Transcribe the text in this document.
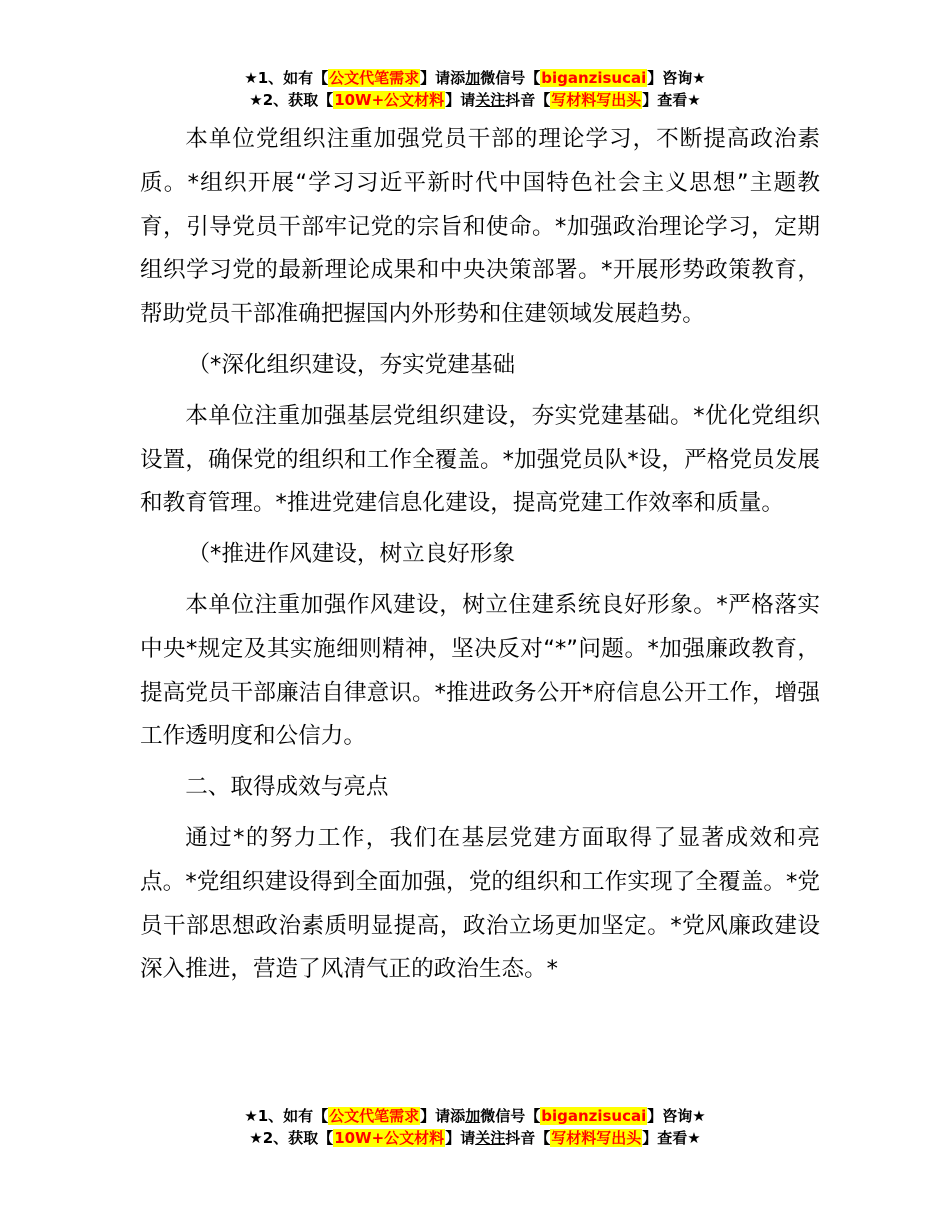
★1、如有【公文代笔需求】请添加微信号【biganzisucai】咨询★
★2、获取【10W+公文材料】请关注抖音【写材料写出头】查看★

本单位党组织注重加强党员干部的理论学习，不断提高政治素质。*组织开展“学习习近平新时代中国特色社会主义思想”主题教育，引导党员干部牢记党的宗旨和使命。*加强政治理论学习，定期组织学习党的最新理论成果和中央决策部署。*开展形势政策教育，帮助党员干部准确把握国内外形势和住建领域发展趋势。

（*深化组织建设，夯实党建基础

本单位注重加强基层党组织建设，夯实党建基础。*优化党组织设置，确保党的组织和工作全覆盖。*加强党员队*设，严格党员发展和教育管理。*推进党建信息化建设，提高党建工作效率和质量。

（*推进作风建设，树立良好形象

本单位注重加强作风建设，树立住建系统良好形象。*严格落实中央*规定及其实施细则精神，坚决反对“*”问题。*加强廉政教育，提高党员干部廉洁自律意识。*推进政务公开*府信息公开工作，增强工作透明度和公信力。

二、取得成效与亮点

通过*的努力工作，我们在基层党建方面取得了显著成效和亮点。*党组织建设得到全面加强，党的组织和工作实现了全覆盖。*党员干部思想政治素质明显提高，政治立场更加坚定。*党风廉政建设深入推进，营造了风清气正的政治生态。*

★1、如有【公文代笔需求】请添加微信号【biganzisucai】咨询★
★2、获取【10W+公文材料】请关注抖音【写材料写出头】查看★
